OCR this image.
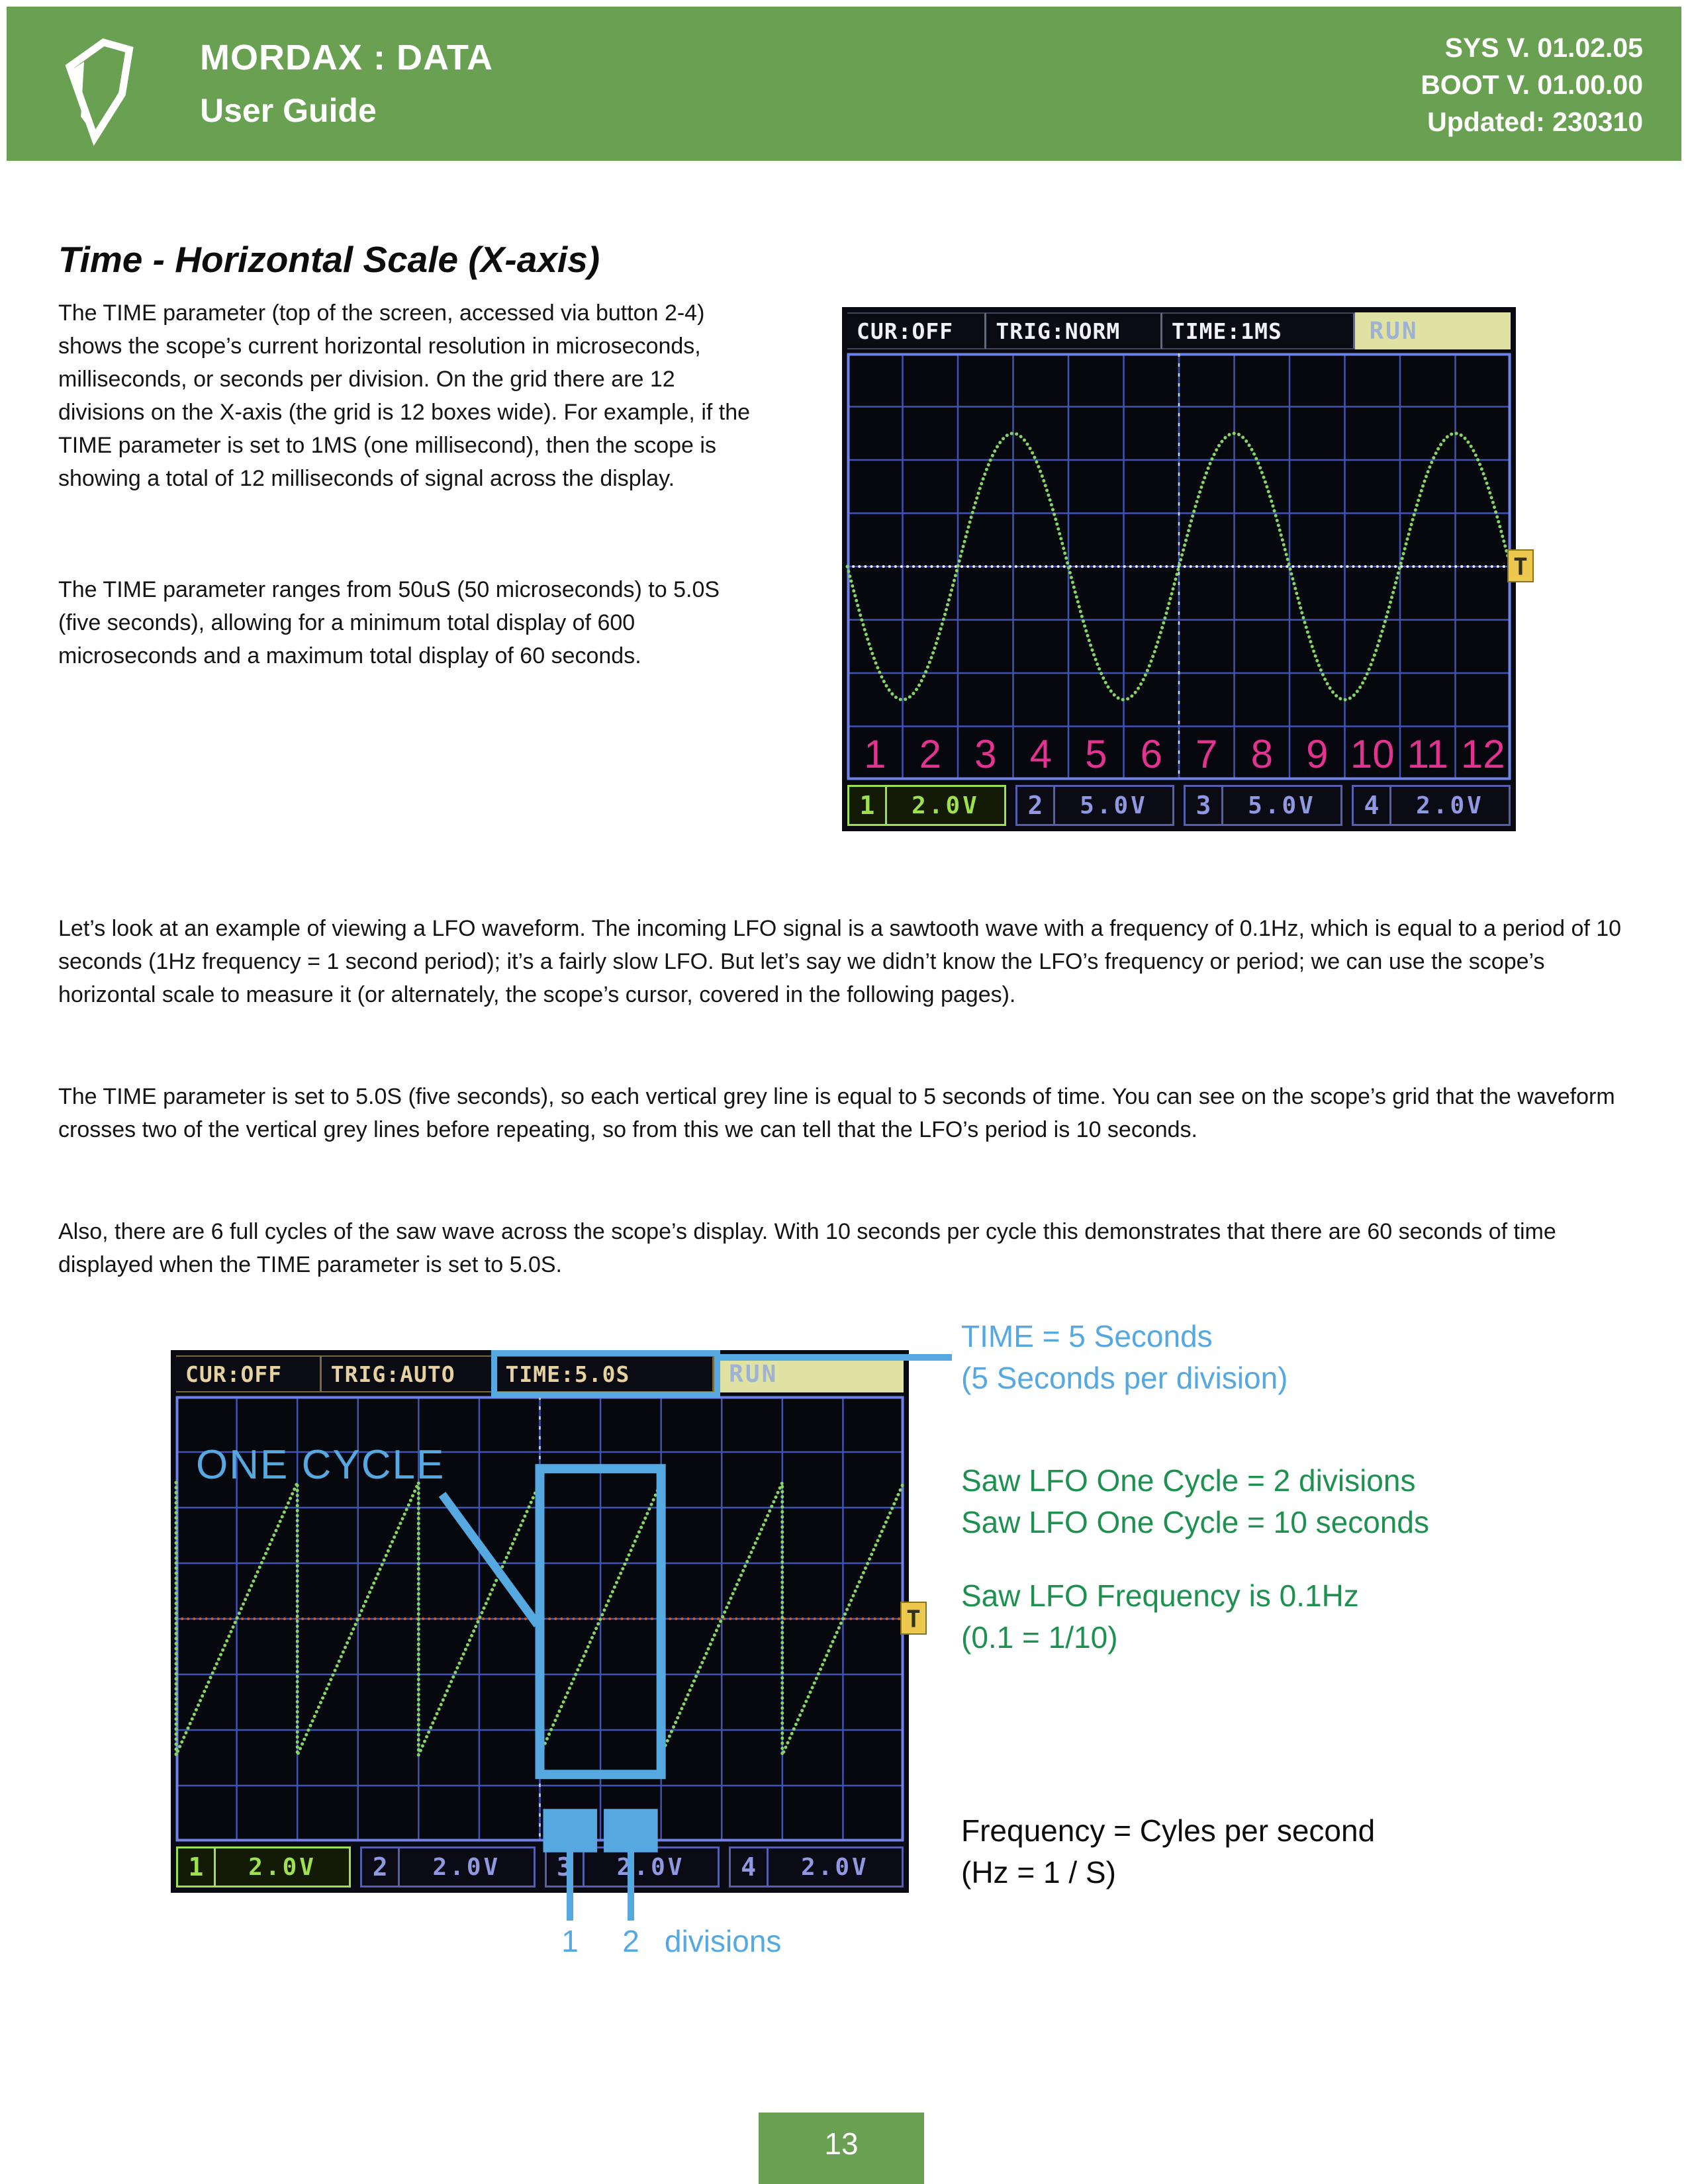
MORDAX : DATA
User Guide
SYS V. 01.02.05
BOOT V. 01.00.00
Updated: 230310
Time - Horizontal Scale (X-axis)
The TIME parameter (top of the screen, accessed via button 2-4) shows the scope’s current horizontal resolution in microseconds, milliseconds, or seconds per division. On the grid there are 12 divisions on the X-axis (the grid is 12 boxes wide). For example, if the TIME parameter is set to 1MS (one millisecond), then the scope is showing a total of 12 milliseconds of signal across the display.
The TIME parameter ranges from 50uS (50 microseconds) to 5.0S (five seconds), allowing for a minimum total display of 600 microseconds and a maximum total display of 60 seconds.
Let’s look at an example of viewing a LFO waveform. The incoming LFO signal is a sawtooth wave with a frequency of 0.1Hz, which is equal to a period of 10 seconds (1Hz frequency = 1 second period); it’s a fairly slow LFO. But let’s say we didn’t know the LFO’s frequency or period; we can use the scope’s horizontal scale to measure it (or alternately, the scope’s cursor, covered in the following pages).
The TIME parameter is set to 5.0S (five seconds), so each vertical grey line is equal to 5 seconds of time. You can see on the scope’s grid that the waveform crosses two of the vertical grey lines before repeating, so from this we can tell that the LFO’s period is 10 seconds.
Also, there are 6 full cycles of the saw wave across the scope’s display. With 10 seconds per cycle this demonstrates that there are 60 seconds of time displayed when the TIME parameter is set to 5.0S.
CUR:OFF	TRIG:NORM	TIME:1MS	RUN
1 2 3 4 5 6 7 8 9 10 11 12
T
1	2.0V	2	5.0V	3	5.0V	4	2.0V
CUR:OFF	TRIG:AUTO	TIME:5.0S	RUN
T
1	2.0V	2	2.0V	3	2.0V	4	2.0V
ONE CYCLE
TIME = 5 Seconds
(5 Seconds per division)
Saw LFO One Cycle = 2 divisions
Saw LFO One Cycle = 10 seconds
Saw LFO Frequency is 0.1Hz
(0.1 = 1/10)
Frequency = Cyles per second
(Hz = 1 / S)
1 2 divisions
13
